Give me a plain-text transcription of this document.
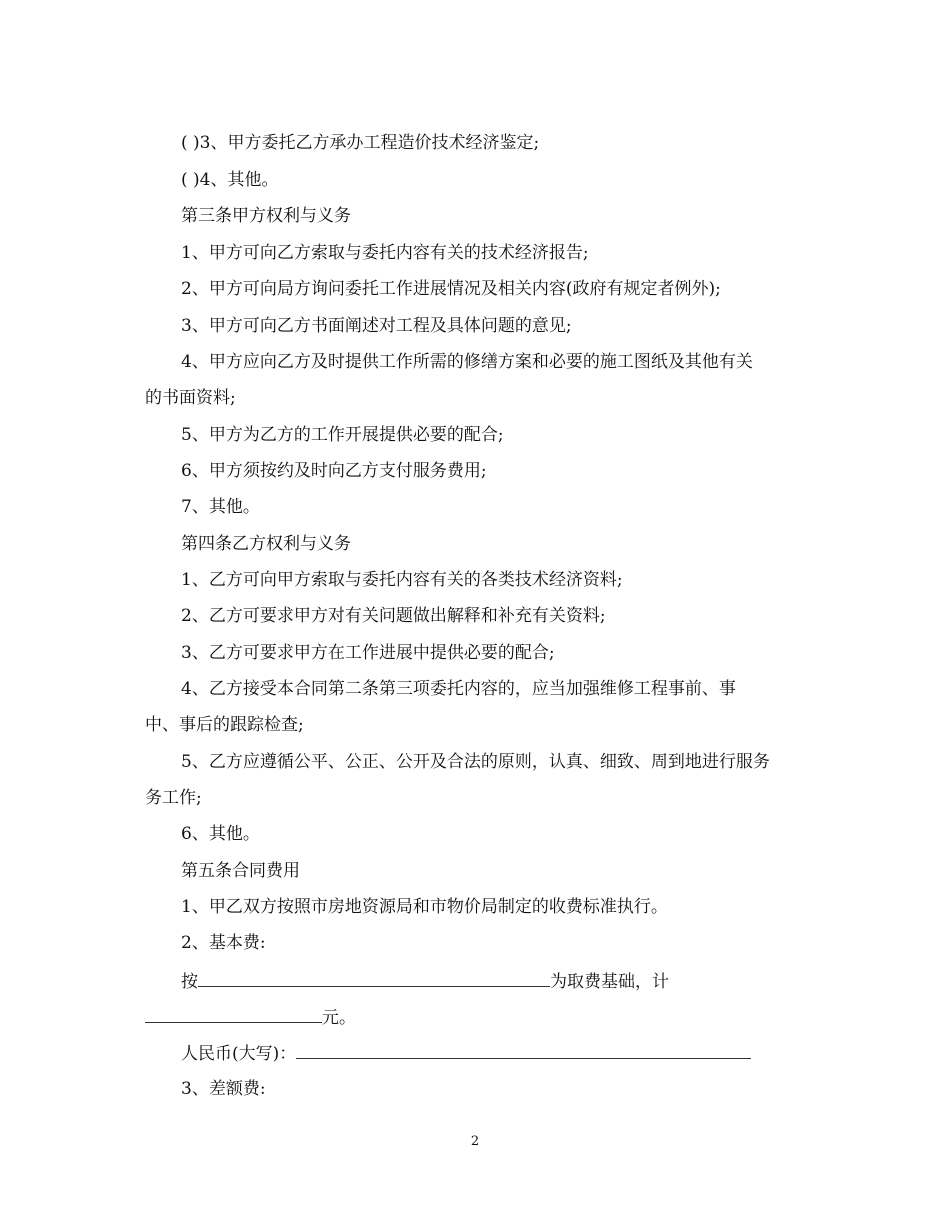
( )3、甲方委托乙方承办工程造价技术经济鉴定;
( )4、其他。
第三条甲方权利与义务
1、甲方可向乙方索取与委托内容有关的技术经济报告;
2、甲方可向局方询问委托工作进展情况及相关内容(政府有规定者例外);
3、甲方可向乙方书面阐述对工程及具体问题的意见;
4、甲方应向乙方及时提供工作所需的修缮方案和必要的施工图纸及其他有关
的书面资料;
5、甲方为乙方的工作开展提供必要的配合;
6、甲方须按约及时向乙方支付服务费用;
7、其他。
第四条乙方权利与义务
1、乙方可向甲方索取与委托内容有关的各类技术经济资料;
2、乙方可要求甲方对有关问题做出解释和补充有关资料;
3、乙方可要求甲方在工作进展中提供必要的配合;
4、乙方接受本合同第二条第三项委托内容的，应当加强维修工程事前、事
中、事后的跟踪检查;
5、乙方应遵循公平、公正、公开及合法的原则，认真、细致、周到地进行服务
务工作;
6、其他。
第五条合同费用
1、甲乙双方按照市房地资源局和市物价局制定的收费标准执行。
2、基本费:
按	为取费基础，计
元。
人民币(大写)：
3、差额费:
2
